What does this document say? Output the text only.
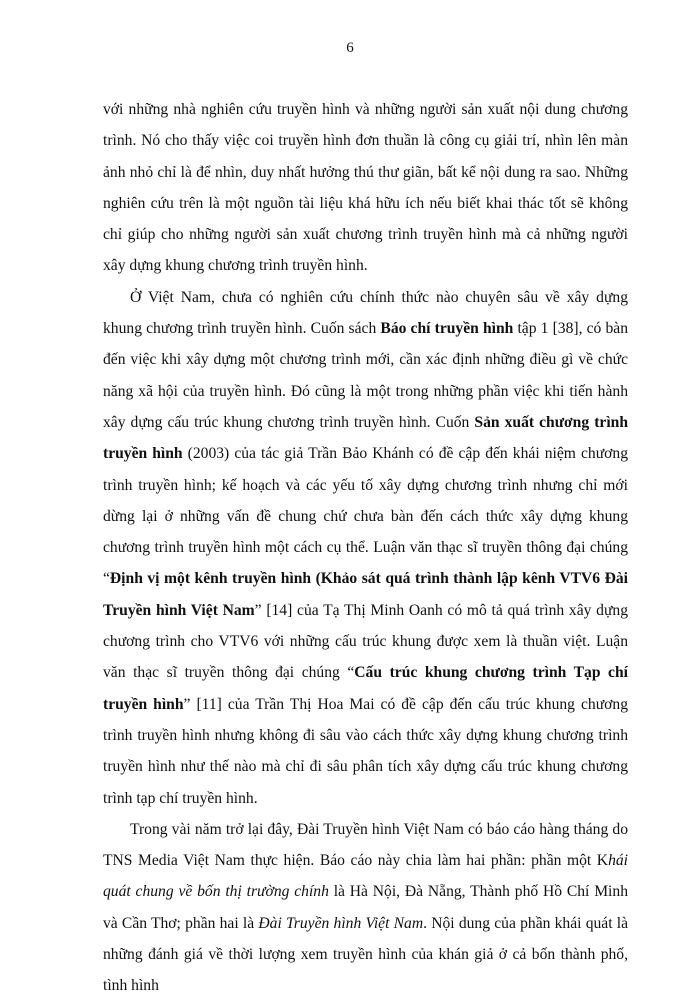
6

với những nhà nghiên cứu truyền hình và những người sản xuất nội dung chương trình. Nó cho thấy việc coi truyền hình đơn thuần là công cụ giải trí, nhìn lên màn ảnh nhỏ chỉ là để nhìn, duy nhất hưởng thú thư giãn, bất kể nội dung ra sao. Những nghiên cứu trên là một nguồn tài liệu khá hữu ích nếu biết khai thác tốt sẽ không chỉ giúp cho những người sản xuất chương trình truyền hình mà cả những người xây dựng khung chương trình truyền hình.

Ở Việt Nam, chưa có nghiên cứu chính thức nào chuyên sâu về xây dựng khung chương trình truyền hình. Cuốn sách Báo chí truyền hình tập 1 [38], có bàn đến việc khi xây dựng một chương trình mới, cần xác định những điều gì về chức năng xã hội của truyền hình. Đó cũng là một trong những phần việc khi tiến hành xây dựng cấu trúc khung chương trình truyền hình. Cuốn Sản xuất chương trình truyền hình (2003) của tác giả Trần Bảo Khánh có đề cập đến khái niệm chương trình truyền hình; kế hoạch và các yếu tố xây dựng chương trình nhưng chỉ mới dừng lại ở những vấn đề chung chứ chưa bàn đến cách thức xây dựng khung chương trình truyền hình một cách cụ thể. Luận văn thạc sĩ truyền thông đại chúng “Định vị một kênh truyền hình (Khảo sát quá trình thành lập kênh VTV6 Đài Truyền hình Việt Nam” [14] của Tạ Thị Minh Oanh có mô tả quá trình xây dựng chương trình cho VTV6 với những cấu trúc khung được xem là thuần việt. Luận văn thạc sĩ truyền thông đại chúng “Cấu trúc khung chương trình Tạp chí truyền hình” [11] của Trần Thị Hoa Mai có đề cập đến cấu trúc khung chương trình truyền hình nhưng không đi sâu vào cách thức xây dựng khung chương trình truyền hình như thế nào mà chỉ đi sâu phân tích xây dựng cấu trúc khung chương trình tạp chí truyền hình.

Trong vài năm trở lại đây, Đài Truyền hình Việt Nam có báo cáo hàng tháng do TNS Media Việt Nam thực hiện. Báo cáo này chia làm hai phần: phần một Khái quát chung về bốn thị trường chính là Hà Nội, Đà Nẵng, Thành phố Hồ Chí Minh và Cần Thơ; phần hai là Đài Truyền hình Việt Nam. Nội dung của phần khái quát là những đánh giá về thời lượng xem truyền hình của khán giả ở cả bốn thành phố, tình hình
